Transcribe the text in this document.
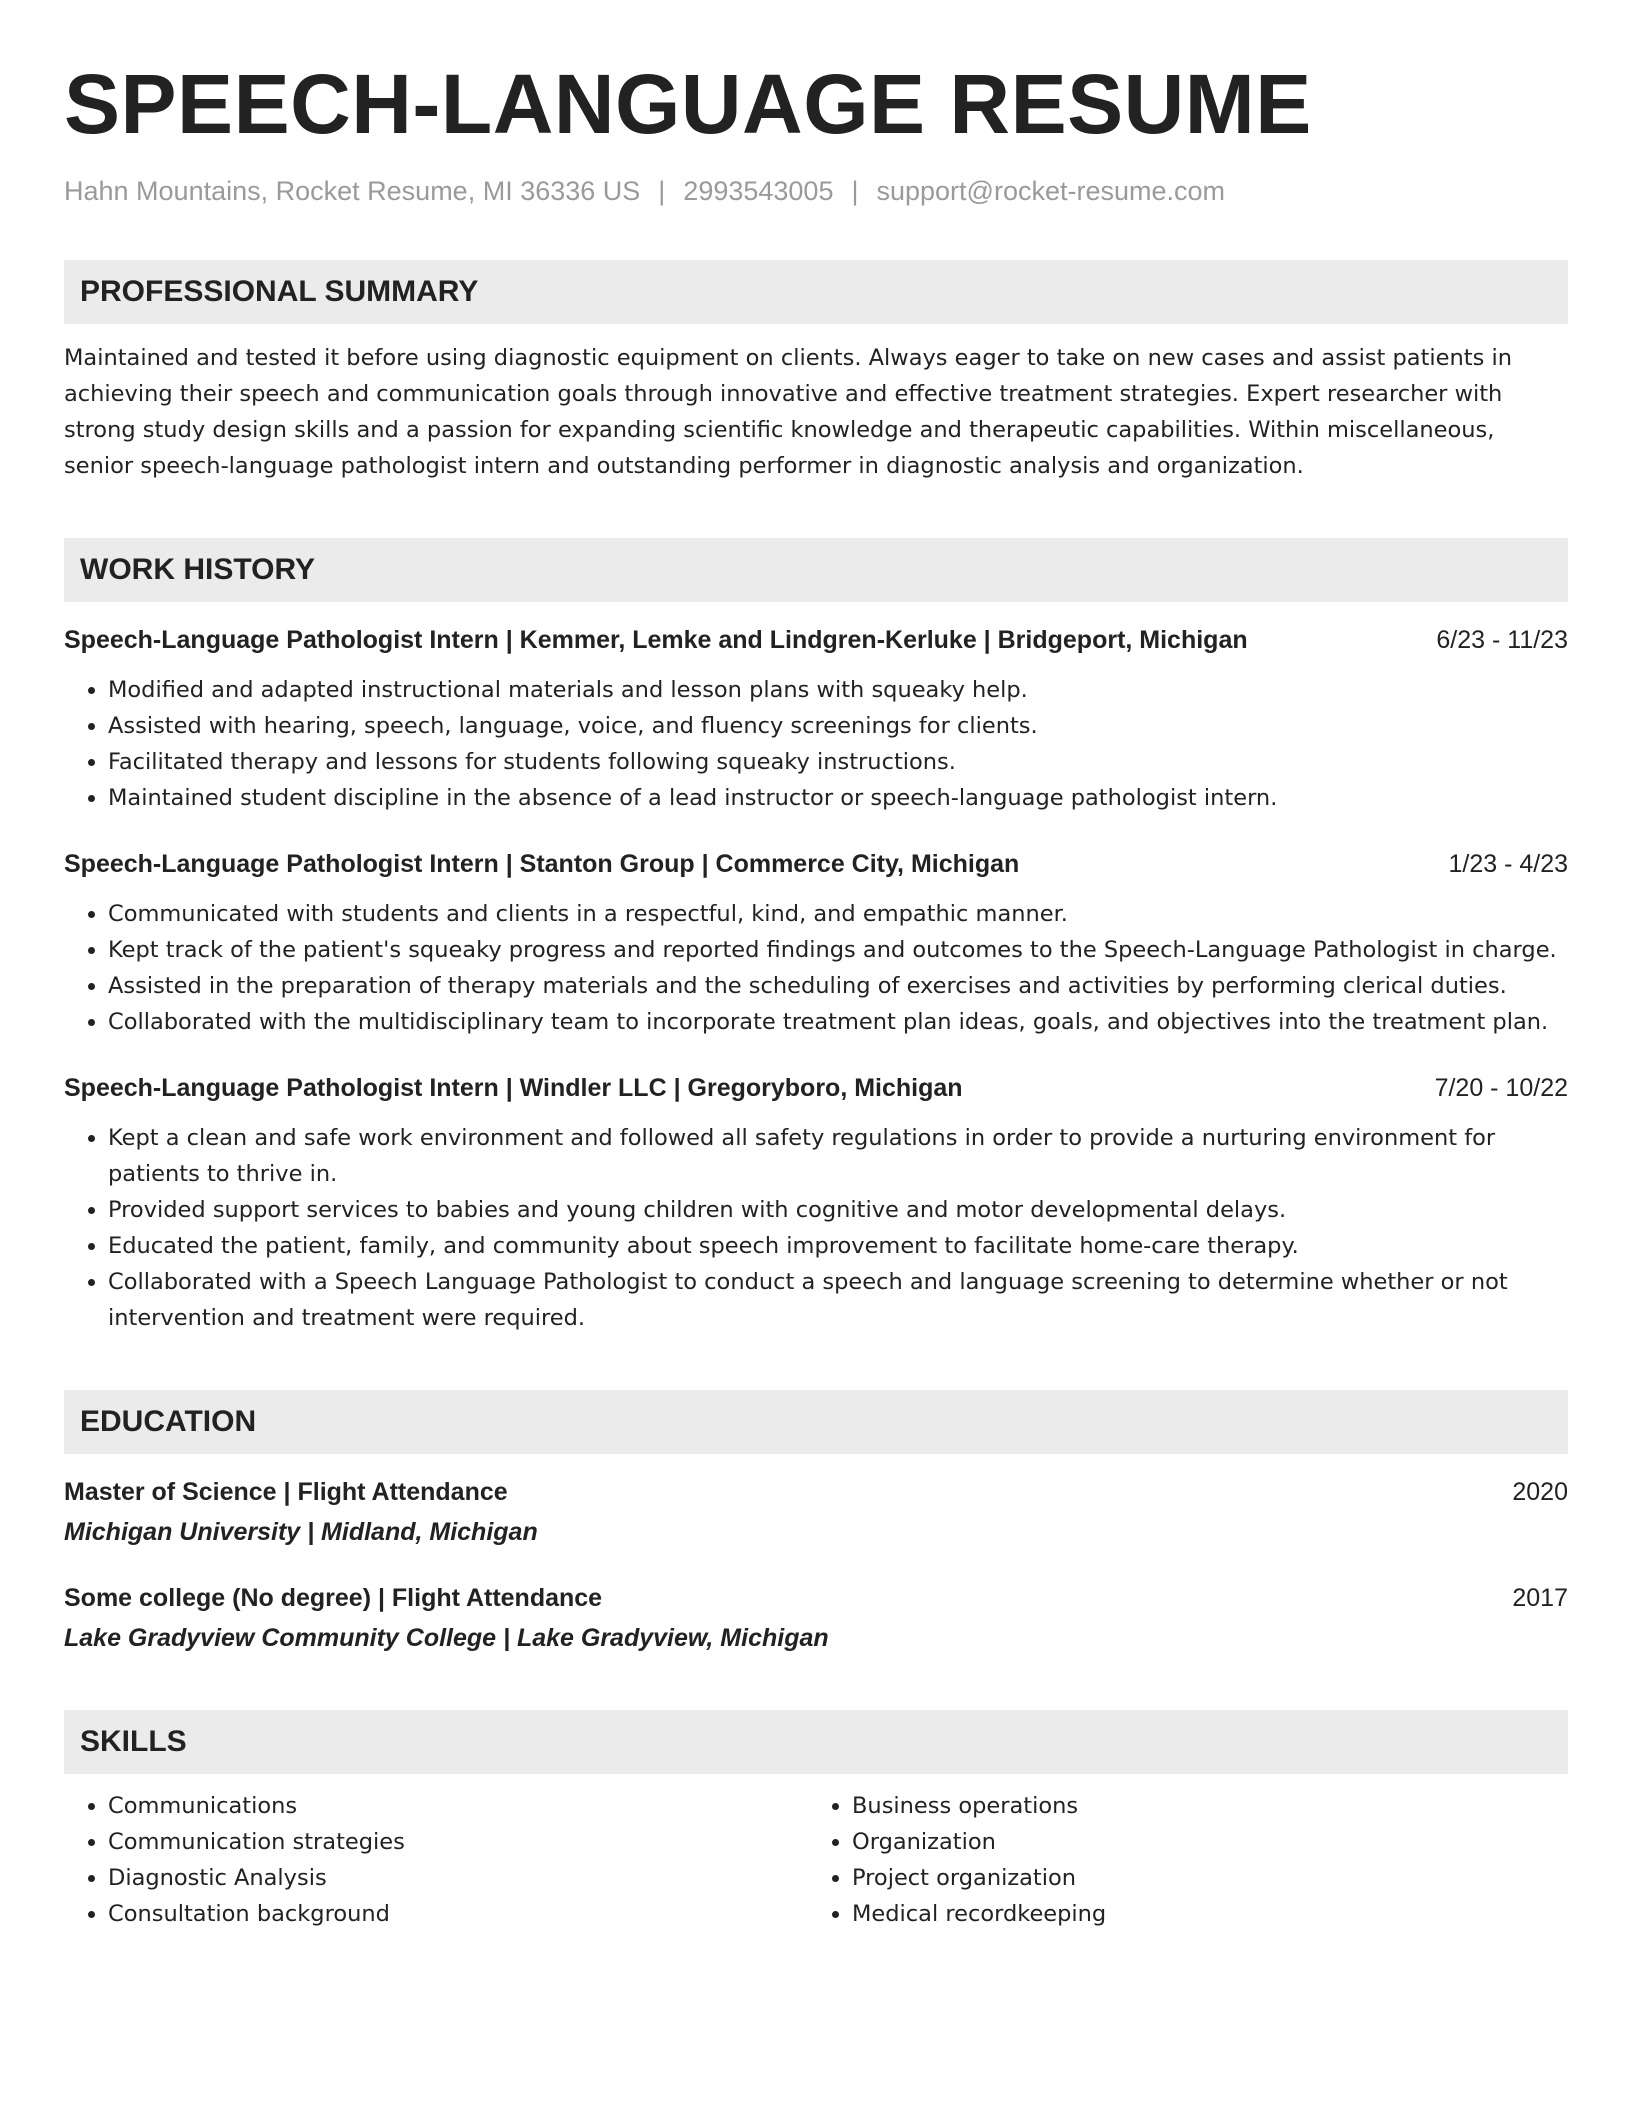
SPEECH-LANGUAGE RESUME
Hahn Mountains, Rocket Resume, MI 36336 US | 2993543005 | support@rocket-resume.com
PROFESSIONAL SUMMARY
Maintained and tested it before using diagnostic equipment on clients. Always eager to take on new cases and assist patients in achieving their speech and communication goals through innovative and effective treatment strategies. Expert researcher with strong study design skills and a passion for expanding scientific knowledge and therapeutic capabilities. Within miscellaneous, senior speech-language pathologist intern and outstanding performer in diagnostic analysis and organization.
WORK HISTORY
Speech-Language Pathologist Intern | Kemmer, Lemke and Lindgren-Kerluke | Bridgeport, Michigan	6/23 - 11/23
• Modified and adapted instructional materials and lesson plans with squeaky help.
• Assisted with hearing, speech, language, voice, and fluency screenings for clients.
• Facilitated therapy and lessons for students following squeaky instructions.
• Maintained student discipline in the absence of a lead instructor or speech-language pathologist intern.
Speech-Language Pathologist Intern | Stanton Group | Commerce City, Michigan	1/23 - 4/23
• Communicated with students and clients in a respectful, kind, and empathic manner.
• Kept track of the patient's squeaky progress and reported findings and outcomes to the Speech-Language Pathologist in charge.
• Assisted in the preparation of therapy materials and the scheduling of exercises and activities by performing clerical duties.
• Collaborated with the multidisciplinary team to incorporate treatment plan ideas, goals, and objectives into the treatment plan.
Speech-Language Pathologist Intern | Windler LLC | Gregoryboro, Michigan	7/20 - 10/22
• Kept a clean and safe work environment and followed all safety regulations in order to provide a nurturing environment for patients to thrive in.
• Provided support services to babies and young children with cognitive and motor developmental delays.
• Educated the patient, family, and community about speech improvement to facilitate home-care therapy.
• Collaborated with a Speech Language Pathologist to conduct a speech and language screening to determine whether or not intervention and treatment were required.
EDUCATION
Master of Science | Flight Attendance	2020
Michigan University | Midland, Michigan
Some college (No degree) | Flight Attendance	2017
Lake Gradyview Community College | Lake Gradyview, Michigan
SKILLS
• Communications
• Communication strategies
• Diagnostic Analysis
• Consultation background
• Business operations
• Organization
• Project organization
• Medical recordkeeping
